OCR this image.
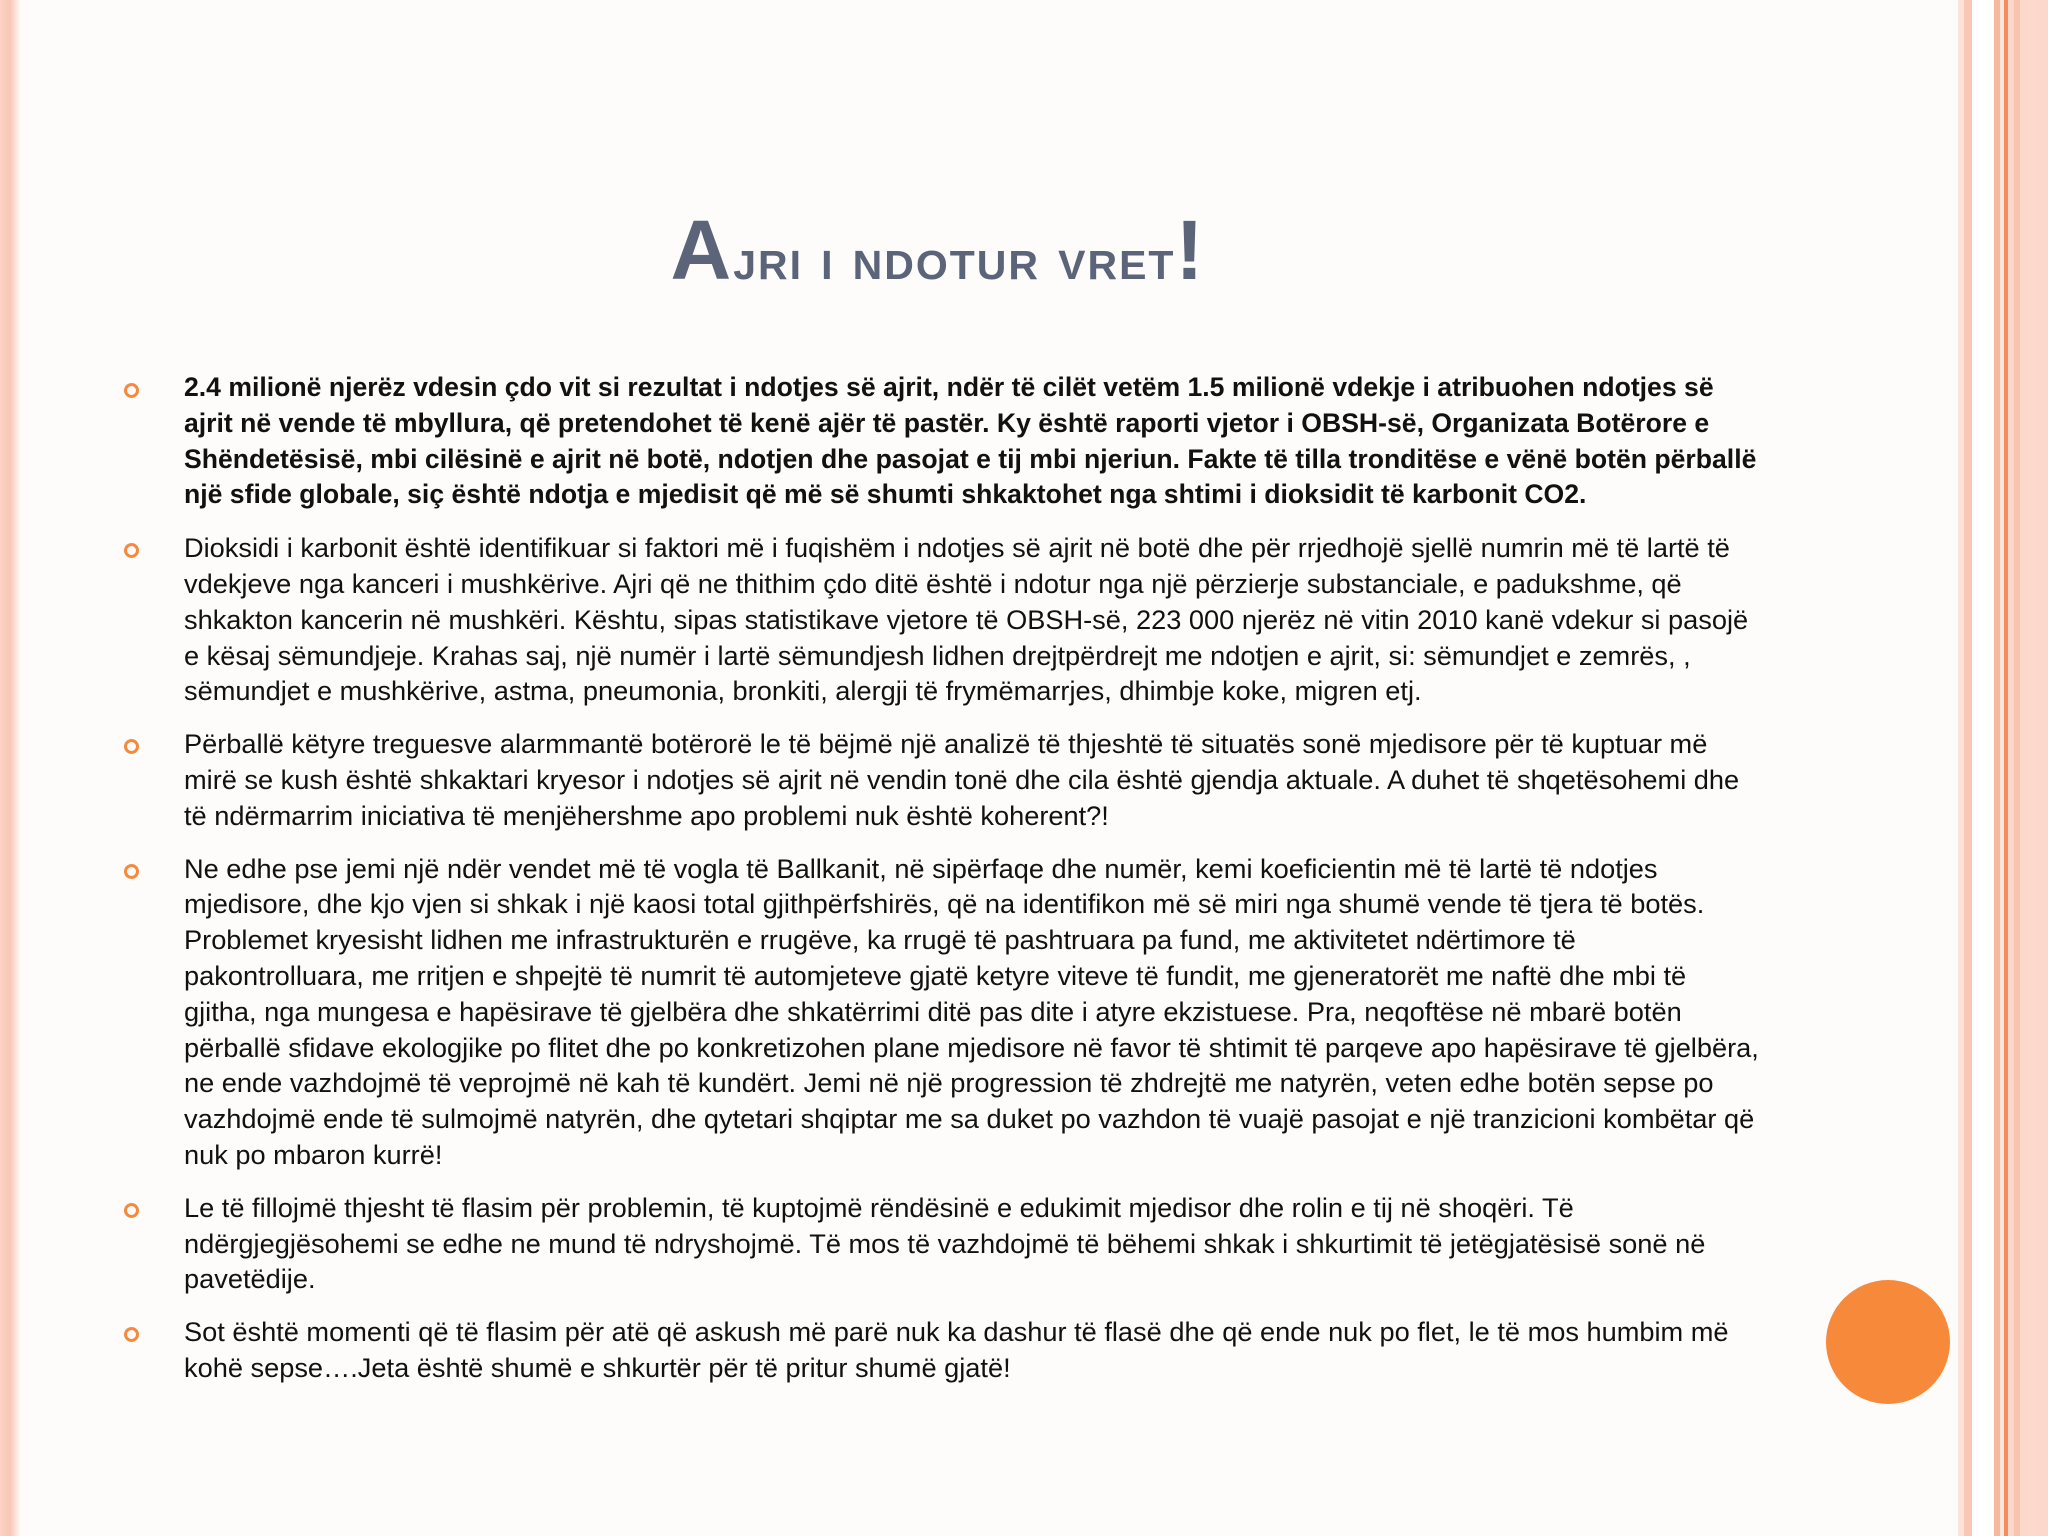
Ajri i ndotur vret!
2.4 milionë njerëz vdesin çdo vit si rezultat i ndotjes së ajrit, ndër të cilët vetëm 1.5 milionë vdekje i atribuohen ndotjes së ajrit në vende të mbyllura, që pretendohet të kenë ajër të pastër. Ky është raporti vjetor i OBSH-së, Organizata Botërore e Shëndetësisë, mbi cilësinë e ajrit në botë, ndotjen dhe pasojat e tij mbi njeriun. Fakte të tilla tronditëse e vënë botën përballë një sfide globale, siç është ndotja e mjedisit që më së shumti shkaktohet nga shtimi i dioksidit të karbonit CO2.
Dioksidi i karbonit është identifikuar si faktori më i fuqishëm i ndotjes së ajrit në botë dhe për rrjedhojë sjellë numrin më të lartë të vdekjeve nga kanceri i mushkërive. Ajri që ne thithim çdo ditë është i ndotur nga një përzierje substanciale, e padukshme, që shkakton kancerin në mushkëri. Kështu, sipas statistikave vjetore të OBSH-së, 223 000 njerëz në vitin 2010 kanë vdekur si pasojë e kësaj sëmundjeje. Krahas saj, një numër i lartë sëmundjesh lidhen drejtpërdrejt me ndotjen e ajrit, si: sëmundjet e zemrës, , sëmundjet e mushkërive, astma, pneumonia, bronkiti, alergji të frymëmarrjes, dhimbje koke, migren etj.
Përballë këtyre treguesve alarmmantë botërorë le të bëjmë një analizë të thjeshtë të situatës sonë mjedisore për të kuptuar më mirë se kush është shkaktari kryesor i ndotjes së ajrit në vendin tonë dhe cila është gjendja aktuale. A duhet të shqetësohemi dhe të ndërmarrim iniciativa të menjëhershme apo problemi nuk është koherent?!
Ne edhe pse jemi një ndër vendet më të vogla të Ballkanit, në sipërfaqe dhe numër, kemi koeficientin më të lartë të ndotjes mjedisore, dhe kjo vjen si shkak i një kaosi total gjithpërfshirës, që na identifikon më së miri nga shumë vende të tjera të botës. Problemet kryesisht lidhen me infrastrukturën e rrugëve, ka rrugë të pashtruara pa fund, me aktivitetet ndërtimore të pakontrolluara, me rritjen e shpejtë të numrit të automjeteve gjatë ketyre viteve të fundit, me gjeneratorët me naftë dhe mbi të gjitha, nga mungesa e hapësirave të gjelbëra dhe shkatërrimi ditë pas dite i atyre ekzistuese. Pra, neqoftëse në mbarë botën përballë sfidave ekologjike po flitet dhe po konkretizohen plane mjedisore në favor të shtimit të parqeve apo hapësirave të gjelbëra, ne ende vazhdojmë të veprojmë në kah të kundërt. Jemi në një progression të zhdrejtë me natyrën, veten edhe botën sepse po vazhdojmë ende të sulmojmë natyrën, dhe qytetari shqiptar me sa duket po vazhdon të vuajë pasojat e një tranzicioni kombëtar që nuk po mbaron kurrë!
Le të fillojmë thjesht të flasim për problemin, të kuptojmë rëndësinë e edukimit mjedisor dhe rolin e tij në shoqëri. Të ndërgjegjësohemi se edhe ne mund të ndryshojmë. Të mos të vazhdojmë të bëhemi shkak i shkurtimit të jetëgjatësisë sonë në pavetëdije.
Sot është momenti që të flasim për atë që askush më parë nuk ka dashur të flasë dhe që ende nuk po flet, le të mos humbim më kohë sepse….Jeta është shumë e shkurtër për të pritur shumë gjatë!
